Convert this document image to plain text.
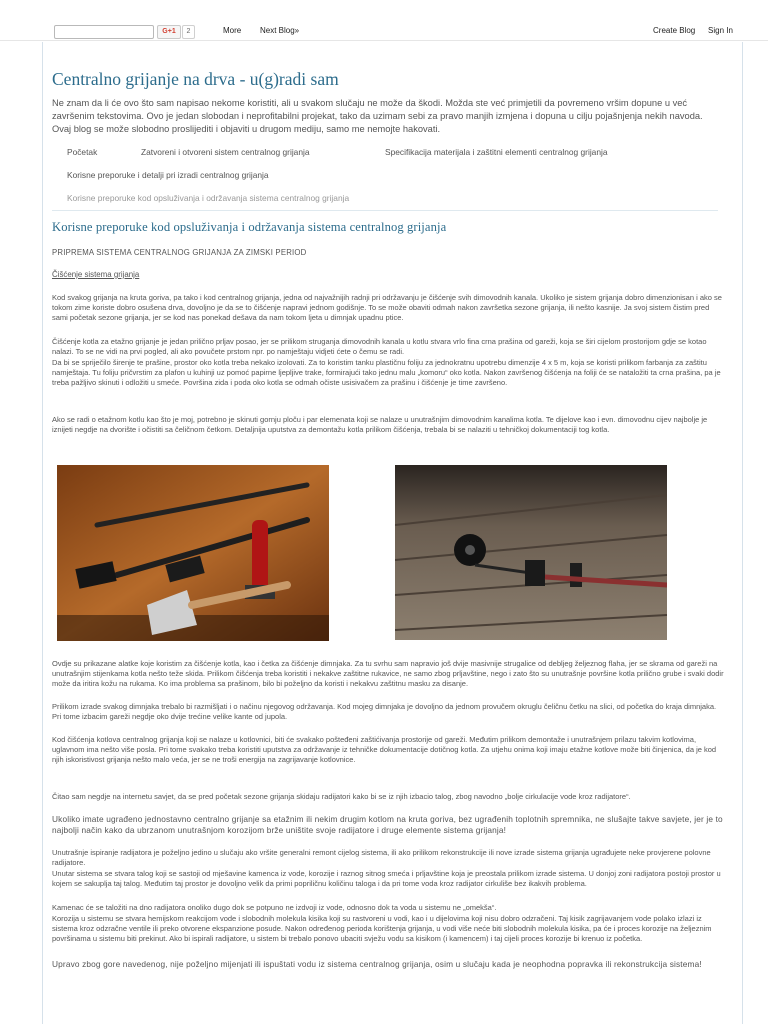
G+1	2	More Next Blog»	Create Blog Sign In
Centralno grijanje na drva - u(g)radi sam
Ne znam da li će ovo što sam napisao nekome koristiti, ali u svakom slučaju ne može da škodi. Možda ste već primjetili da povremeno vršim dopune u već završenim tekstovima. Ovo je jedan slobodan i neprofitabilni projekat, tako da uzimam sebi za pravo manjih izmjena i dopuna u cilju pojašnjenja nekih navoda. Ovaj blog se može slobodno proslijediti i objaviti u drugom mediju, samo me nemojte hakovati.
Početak	Zatvoreni i otvoreni sistem centralnog grijanja	Specifikacija materijala i zaštitni elementi centralnog grijanja
Korisne preporuke i detalji pri izradi centralnog grijanja
Korisne preporuke kod opsluživanja i održavanja sistema centralnog grijanja
Korisne preporuke kod opsluživanja i održavanja sistema centralnog grijanja
PRIPREMA SISTEMA CENTRALNOG GRIJANJA ZA ZIMSKI PERIOD
Čišćenje sistema grijanja
Kod svakog grijanja na kruta goriva, pa tako i kod centralnog grijanja, jedna od najvažnijih radnji pri održavanju je čišćenje svih dimovodnih kanala. Ukoliko je sistem grijanja dobro dimenzionisan i ako se tokom zime koriste dobro osušena drva, dovoljno je da se to čišćenje napravi jednom godišnje. To se može obaviti odmah nakon završetka sezone grijanja, ili nešto kasnije. Ja svoj sistem čistim pred sami početak sezone grijanja, jer se kod nas ponekad dešava da nam tokom ljeta u dimnjak upadnu ptice.
Čišćenje kotla za etažno grijanje je jedan prilično prljav posao, jer se prilikom struganja dimovodnih kanala u kotlu stvara vrlo fina crna prašina od gareži, koja se širi cijelom prostorijom gdje se kotao nalazi. To se ne vidi na prvi pogled, ali ako povučete prstom npr. po namještaju vidjeti ćete o čemu se radi.
Da bi se spriječilo širenje te prašine, prostor oko kotla treba nekako izolovati. Za to koristim tanku plastičnu foliju za jednokratnu upotrebu dimenzije 4 x 5 m, koja se koristi prilikom farbanja za zaštitu namještaja. Tu foliju pričvrstim za plafon u kuhinji uz pomoć papirne ljepljive trake, formirajući tako jednu malu „komoru“ oko kotla. Nakon završenog čišćenja na foliji će se nataložiti ta crna prašina, pa je treba pažljivo skinuti i odložiti u smeće. Površina zida i poda oko kotla se odmah očiste usisivačem za prašinu i čišćenje je time završeno.
Ako se radi o etažnom kotlu kao što je moj, potrebno je skinuti gornju ploču i par elemenata koji se nalaze u unutrašnjim dimovodnim kanalima kotla. Te dijelove kao i evn. dimovodnu cijev najbolje je iznijeti negdje na dvorište i očistiti sa čeličnom četkom. Detaljnija uputstva za demontažu kotla prilikom čišćenja, trebala bi se nalaziti u tehničkoj dokumentaciji tog kotla.
Ovdje su prikazane alatke koje koristim za čišćenje kotla, kao i četka za čišćenje dimnjaka. Za tu svrhu sam napravio još dvije masivnije strugalice od debljeg željeznog flaha, jer se skrama od gareži na unutrašnjim stijenkama kotla nešto teže skida. Prilikom čišćenja treba koristiti i nekakve zaštitne rukavice, ne samo zbog prljavštine, nego i zato što su unutrašnje površine kotla prilično grube i svaki dodir može da iritira kožu na rukama. Ko ima problema sa prašinom, bilo bi poželjno da koristi i nekakvu zaštitnu masku za disanje.
Prilikom izrade svakog dimnjaka trebalo bi razmišljati i o načinu njegovog održavanja. Kod mojeg dimnjaka je dovoljno da jednom provučem okruglu čeličnu četku na slici, od početka do kraja dimnjaka. Pri tome izbacim gareži negdje oko dvije trećine velike kante od jupola.
Kod čišćenja kotlova centralnog grijanja koji se nalaze u kotlovnici, biti će svakako pošteđeni zaštićivanja prostorije od gareži. Međutim prilikom demontaže i unutrašnjem prilazu takvim kotlovima, uglavnom ima nešto više posla. Pri tome svakako treba koristiti uputstva za održavanje iz tehničke dokumentacije dotičnog kotla. Za utjehu onima koji imaju etažne kotlove može biti činjenica, da je kod njih iskoristivost grijanja nešto malo veća, jer se ne troši energija na zagrijavanje kotlovnice.
Čitao sam negdje na internetu savjet, da se pred početak sezone grijanja skidaju radijatori kako bi se iz njih izbacio talog, zbog navodno „bolje cirkulacije vode kroz radijatore“.
Ukoliko imate ugrađeno jednostavno centralno grijanje sa etažnim ili nekim drugim kotlom na kruta goriva, bez ugrađenih toplotnih spremnika, ne slušajte takve savjete, jer je to najbolji način kako da ubrzanom unutrašnjom korozijom brže uništite svoje radijatore i druge elemente sistema grijanja!
Unutrašnje ispiranje radijatora je poželjno jedino u slučaju ako vršite generalni remont cijelog sistema, ili ako prilikom rekonstrukcije ili nove izrade sistema grijanja ugrađujete neke provjerene polovne radijatore.
Unutar sistema se stvara talog koji se sastoji od mješavine kamenca iz vode, korozije i raznog sitnog smeća i prljavštine koja je preostala prilikom izrade sistema. U donjoj zoni radijatora postoji prostor u kojem se sakuplja taj talog. Međutim taj prostor je dovoljno velik da primi popriličnu količinu taloga i da pri tome voda kroz radijator cirkuliše bez ikakvih problema.
Kamenac će se taložiti na dno radijatora onoliko dugo dok se potpuno ne izdvoji iz vode, odnosno dok ta voda u sistemu ne „omekša“.
Korozija u sistemu se stvara hemijskom reakcijom vode i slobodnih molekula kisika koji su rastvoreni u vodi, kao i u dijelovima koji nisu dobro odzračeni. Taj kisik zagrijavanjem vode polako izlazi iz sistema kroz odzračne ventile ili preko otvorene ekspanzione posude. Nakon određenog perioda korištenja grijanja, u vodi više neće biti slobodnih molekula kisika, pa će i proces korozije na željeznim površinama u sistemu biti prekinut. Ako bi ispirali radijatore, u sistem bi trebalo ponovo ubaciti svježu vodu sa kisikom (i kamencem) i taj cijeli proces korozije bi krenuo iz početka.
Upravo zbog gore navedenog, nije poželjno mijenjati ili ispuštati vodu iz sistema centralnog grijanja, osim u slučaju kada je neophodna popravka ili rekonstrukcija sistema!
